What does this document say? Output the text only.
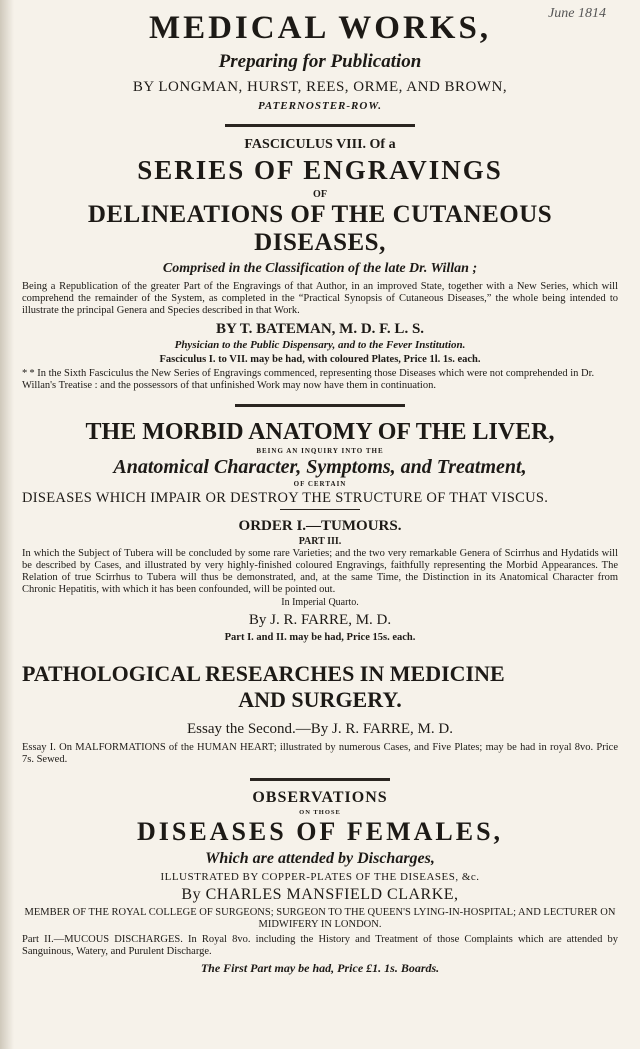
June 1814
MEDICAL WORKS,
Preparing for Publication
BY LONGMAN, HURST, REES, ORME, AND BROWN,
PATERNOSTER-ROW.
FASCICULUS VIII. Of a
SERIES OF ENGRAVINGS
OF
DELINEATIONS OF THE CUTANEOUS DISEASES,
Comprised in the Classification of the late Dr. Willan ;
Being a Republication of the greater Part of the Engravings of that Author, in an improved State, together with a New Series, which will comprehend the remainder of the System, as completed in the “Practical Synopsis of Cutaneous Diseases,” the whole being intended to illustrate the principal Genera and Species described in that Work.
BY T. BATEMAN, M. D. F. L. S.
Physician to the Public Dispensary, and to the Fever Institution.
Fasciculus I. to VII. may be had, with coloured Plates, Price 1l. 1s. each.
* * In the Sixth Fasciculus the New Series of Engravings commenced, representing those Diseases which were not comprehended in Dr. Willan's Treatise : and the possessors of that unfinished Work may now have them in continuation.
THE MORBID ANATOMY OF THE LIVER,
BEING AN INQUIRY INTO THE
Anatomical Character, Symptoms, and Treatment,
OF CERTAIN
DISEASES WHICH IMPAIR OR DESTROY THE STRUCTURE OF THAT VISCUS.
ORDER I.—TUMOURS.
PART III.
In which the Subject of Tubera will be concluded by some rare Varieties; and the two very remarkable Genera of Scirrhus and Hydatids will be described by Cases, and illustrated by very highly-finished coloured Engravings, faithfully representing the Morbid Appearances. The Relation of true Scirrhus to Tubera will thus be demonstrated, and, at the same Time, the Distinction in its Anatomical Character from Chronic Hepatitis, with which it has been confounded, will be pointed out.
In Imperial Quarto.
By J. R. FARRE, M. D.
Part I. and II. may be had, Price 15s. each.
PATHOLOGICAL RESEARCHES IN MEDICINE
AND SURGERY.
Essay the Second.—By J. R. FARRE, M. D.
Essay I. On MALFORMATIONS of the HUMAN HEART; illustrated by numerous Cases, and Five Plates; may be had in royal 8vo. Price 7s. Sewed.
OBSERVATIONS
ON THOSE
DISEASES OF FEMALES,
Which are attended by Discharges,
ILLUSTRATED BY COPPER-PLATES OF THE DISEASES, &c.
By CHARLES MANSFIELD CLARKE,
MEMBER OF THE ROYAL COLLEGE OF SURGEONS; SURGEON TO THE QUEEN'S LYING-IN-HOSPITAL; AND LECTURER ON MIDWIFERY IN LONDON.
Part II.—MUCOUS DISCHARGES. In Royal 8vo. including the History and Treatment of those Complaints which are attended by Sanguinous, Watery, and Purulent Discharge.
The First Part may be had, Price £1. 1s. Boards.
